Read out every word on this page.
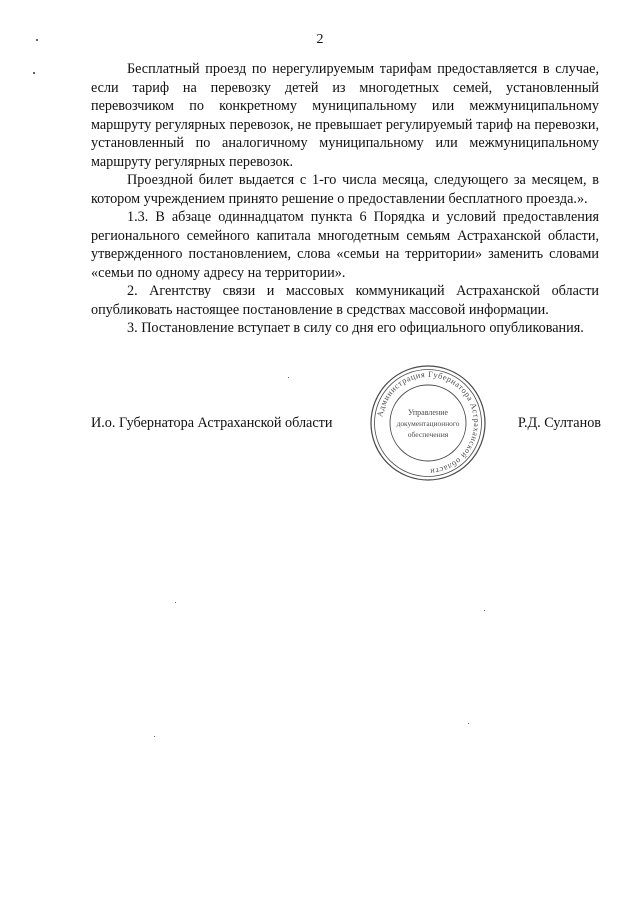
2

Бесплатный проезд по нерегулируемым тарифам предоставляется в случае, если тариф на перевозку детей из многодетных семей, установленный перевозчиком по конкретному муниципальному или межмуниципальному маршруту регулярных перевозок, не превышает регулируемый тариф на перевозки, установленный по аналогичному муниципальному или межмуниципальному маршруту регулярных перевозок.

Проездной билет выдается с 1-го числа месяца, следующего за месяцем, в котором учреждением принято решение о предоставлении бесплатного проезда.».

1.3. В абзаце одиннадцатом пункта 6 Порядка и условий предоставления регионального семейного капитала многодетным семьям Астраханской области, утвержденного постановлением, слова «семьи на территории» заменить словами «семьи по одному адресу на территории».

2. Агентству связи и массовых коммуникаций Астраханской области опубликовать настоящее постановление в средствах массовой информации.

3. Постановление вступает в силу со дня его официального опубликования.

И.о. Губернатора Астраханской области	Р.Д. Султанов
Администрация Губернатора Астраханской области
Управление
документационного
обеспечения
